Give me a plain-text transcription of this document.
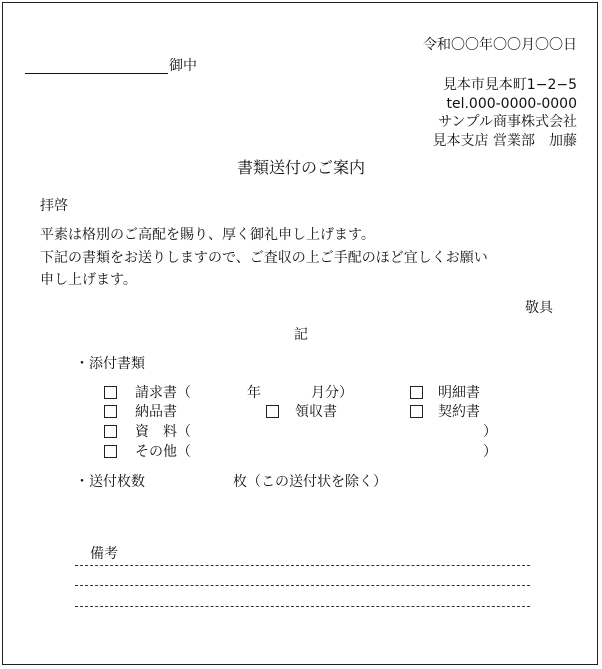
令和〇〇年〇〇月〇〇日
御中
見本市見本町1−2−5
tel.000-0000-0000
サンプル商事株式会社
見本支店 営業部　加藤
書類送付のご案内
拝啓
平素は格別のご高配を賜り、厚く御礼申し上げます。
下記の書類をお送りしますので、ご査収の上ご手配のほど宜しくお願い
申し上げます。
敬具
記
・添付書類
請求書（	年	月分）	明細書
納品書	領収書	契約書
資　料（	）
その他（	）
・送付枚数	枚（この送付状を除く）
備考
